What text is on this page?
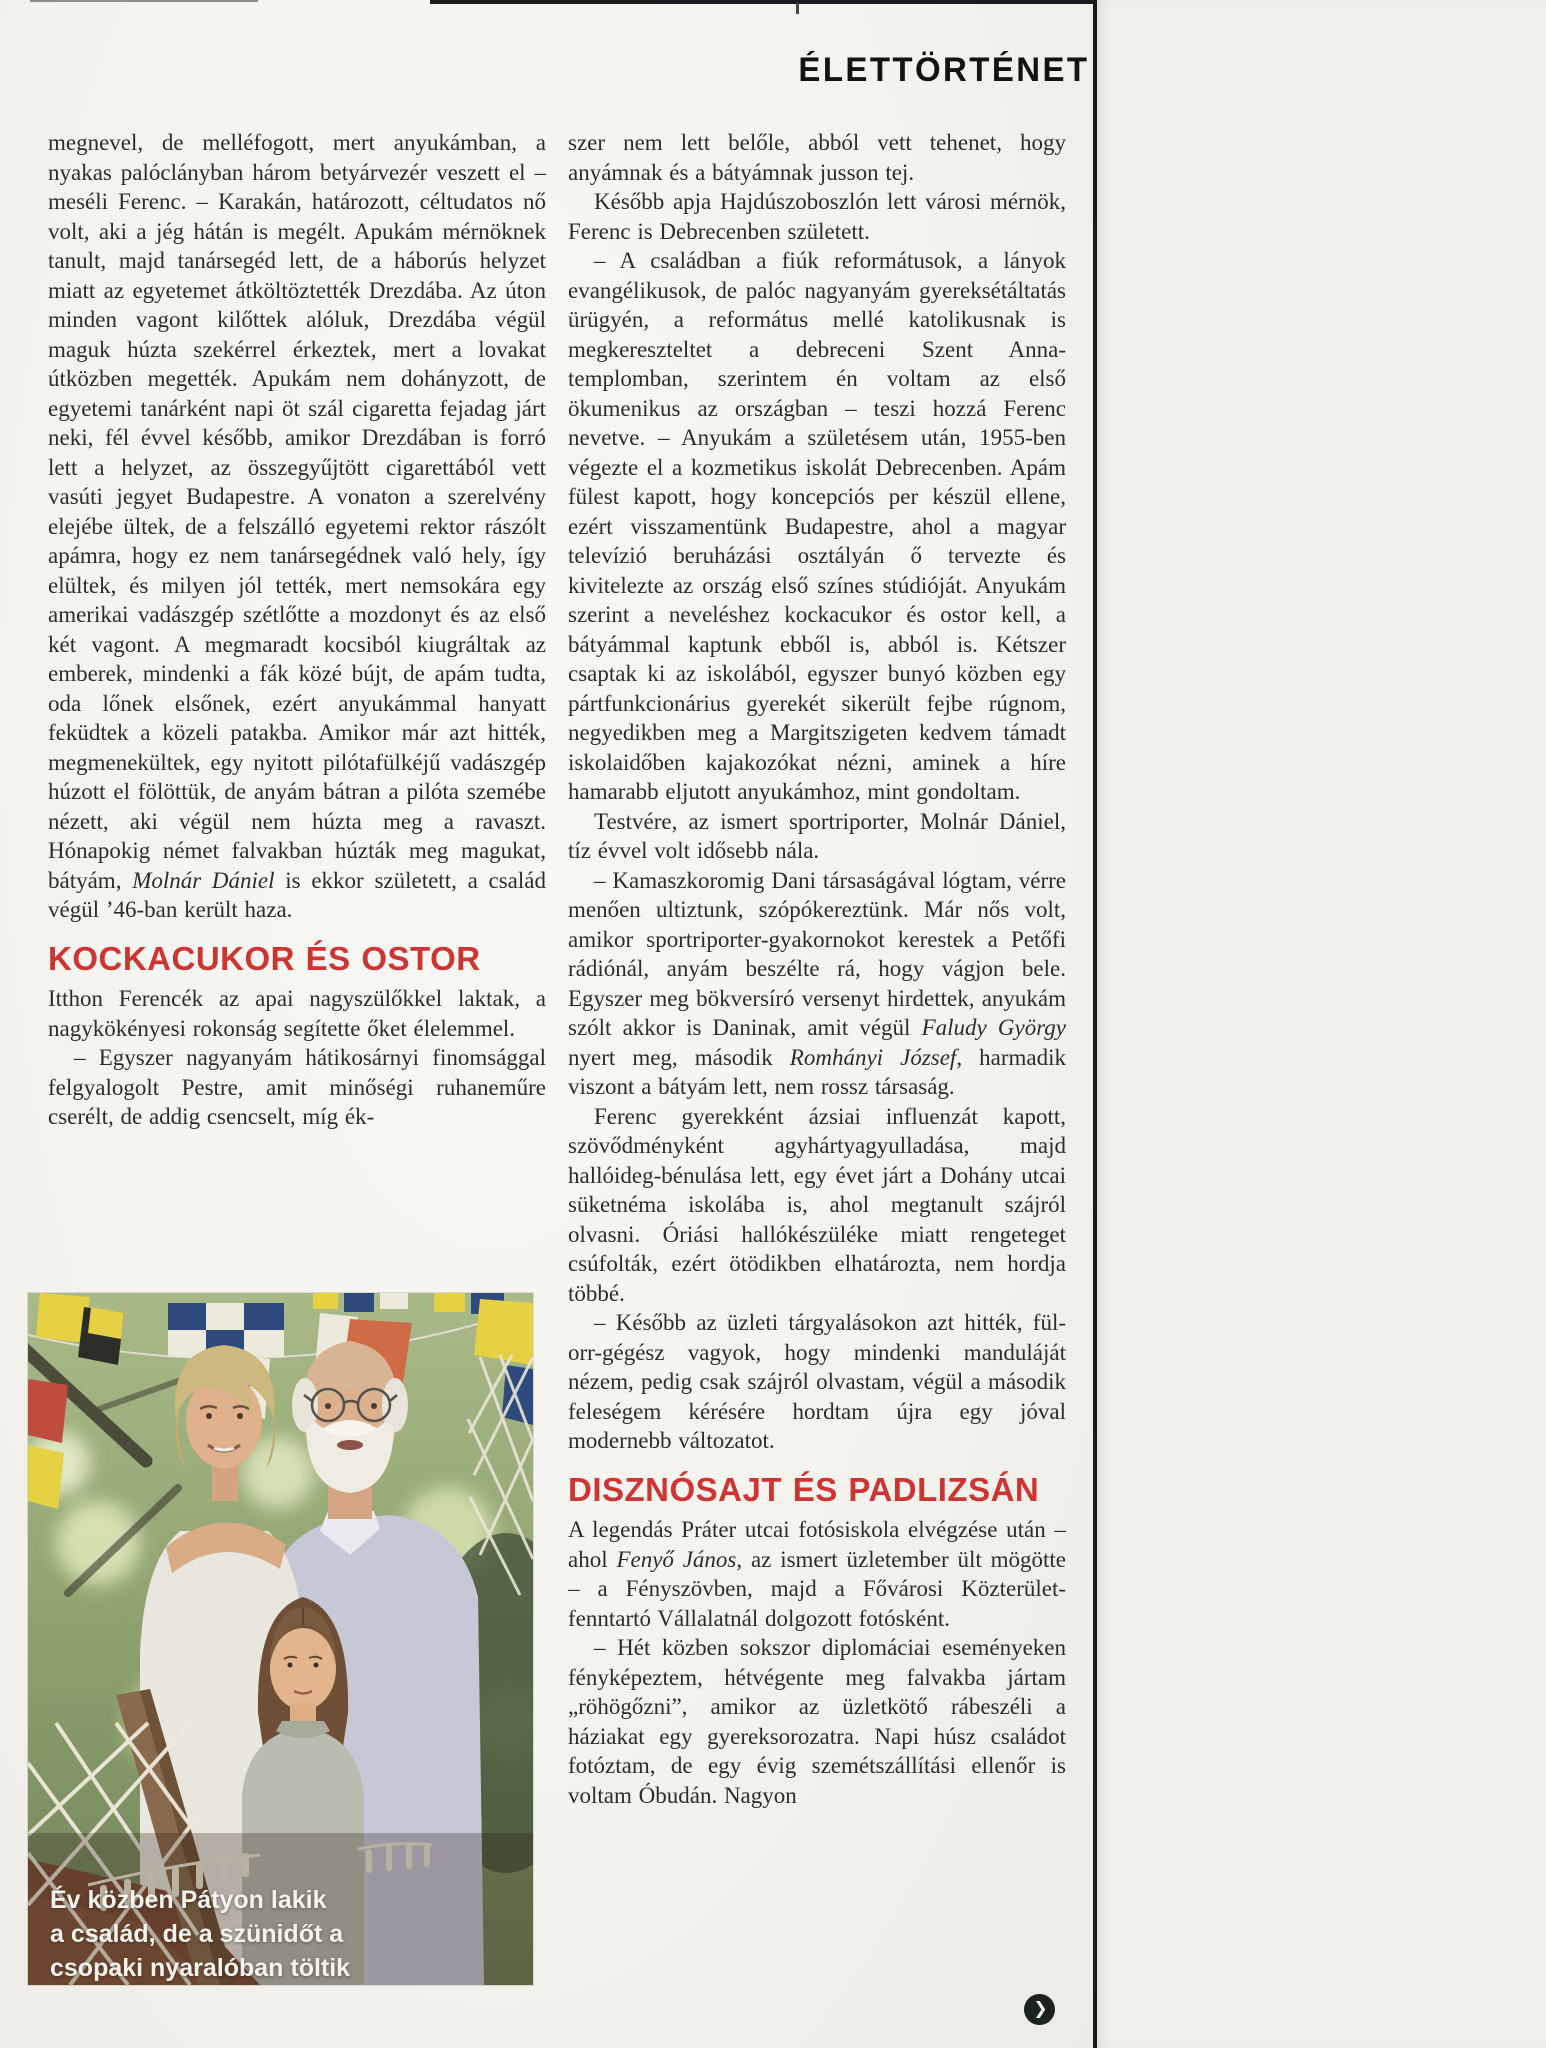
ÉLETTÖRTÉNET

megnevel, de melléfogott, mert anyukámban, a nyakas palóclányban három betyárvezér veszett el – meséli Ferenc. – Karakán, határozott, céltudatos nő volt, aki a jég hátán is megélt. Apukám mérnöknek tanult, majd tanársegéd lett, de a háborús helyzet miatt az egyetemet átköltöztették Drezdába. Az úton minden vagont kilőttek alóluk, Drezdába végül maguk húzta szekérrel érkeztek, mert a lovakat útközben megették. Apukám nem dohányzott, de egyetemi tanárként napi öt szál cigaretta fejadag járt neki, fél évvel később, amikor Drezdában is forró lett a helyzet, az összegyűjtött cigarettából vett vasúti jegyet Budapestre. A vonaton a szerelvény elejébe ültek, de a felszálló egyetemi rektor rászólt apámra, hogy ez nem tanársegédnek való hely, így elültek, és milyen jól tették, mert nemsokára egy amerikai vadászgép szétlőtte a mozdonyt és az első két vagont. A megmaradt kocsiból kiugráltak az emberek, mindenki a fák közé bújt, de apám tudta, oda lőnek elsőnek, ezért anyukámmal hanyatt feküdtek a közeli patakba. Amikor már azt hitték, megmenekültek, egy nyitott pilótafülkéjű vadászgép húzott el fölöttük, de anyám bátran a pilóta szemébe nézett, aki végül nem húzta meg a ravaszt. Hónapokig német falvakban húzták meg magukat, bátyám, Molnár Dániel is ekkor született, a család végül ’46-ban került haza.

KOCKACUKOR ÉS OSTOR

Itthon Ferencék az apai nagyszülőkkel laktak, a nagykökényesi rokonság segítette őket élelemmel.

– Egyszer nagyanyám hátikosárnyi finomsággal felgyalogolt Pestre, amit minőségi ruhaneműre cserélt, de addig csencselt, míg ék-

szer nem lett belőle, abból vett tehenet, hogy anyámnak és a bátyámnak jusson tej.

Később apja Hajdúszoboszlón lett városi mérnök, Ferenc is Debrecenben született.

– A családban a fiúk reformátusok, a lányok evangélikusok, de palóc nagyanyám gyereksétáltatás ürügyén, a református mellé katolikusnak is megkereszteltet a debreceni Szent Anna-templomban, szerintem én voltam az első ökumenikus az országban – teszi hozzá Ferenc nevetve. – Anyukám a születésem után, 1955-ben végezte el a kozmetikus iskolát Debrecenben. Apám fülest kapott, hogy koncepciós per készül ellene, ezért visszamentünk Budapestre, ahol a magyar televízió beruházási osztályán ő tervezte és kivitelezte az ország első színes stúdióját. Anyukám szerint a neveléshez kockacukor és ostor kell, a bátyámmal kaptunk ebből is, abból is. Kétszer csaptak ki az iskolából, egyszer bunyó közben egy pártfunkcionárius gyerekét sikerült fejbe rúgnom, negyedikben meg a Margitszigeten kedvem támadt iskolaidőben kajakozókat nézni, aminek a híre hamarabb eljutott anyukámhoz, mint gondoltam.

Testvére, az ismert sportriporter, Molnár Dániel, tíz évvel volt idősebb nála.

– Kamaszkoromig Dani társaságával lógtam, vérre menően ultiztunk, szópókereztünk. Már nős volt, amikor sportriporter-gyakornokot kerestek a Petőfi rádiónál, anyám beszélte rá, hogy vágjon bele. Egyszer meg bökversíró versenyt hirdettek, anyukám szólt akkor is Daninak, amit végül Faludy György nyert meg, második Romhányi József, harmadik viszont a bátyám lett, nem rossz társaság.

Ferenc gyerekként ázsiai influenzát kapott, szövődményként agyhártyagyulladása, majd hallóideg-bénulása lett, egy évet járt a Dohány utcai süketnéma iskolába is, ahol megtanult szájról olvasni. Óriási hallókészüléke miatt rengeteget csúfolták, ezért ötödikben elhatározta, nem hordja többé.

– Később az üzleti tárgyalásokon azt hitték, fül-orr-gégész vagyok, hogy mindenki manduláját nézem, pedig csak szájról olvastam, végül a második feleségem kérésére hordtam újra egy jóval modernebb változatot.

DISZNÓSAJT ÉS PADLIZSÁN

A legendás Práter utcai fotósiskola elvégzése után – ahol Fenyő János, az ismert üzletember ült mögötte – a Fényszövben, majd a Fővárosi Közterület-fenntartó Vállalatnál dolgozott fotósként.

– Hét közben sokszor diplomáciai eseményeken fényképeztem, hétvégente meg falvakba jártam „röhögőzni”, amikor az üzletkötő rábeszéli a háziakat egy gyereksorozatra. Napi húsz családot fotóztam, de egy évig szemétszállítási ellenőr is voltam Óbudán. Nagyon

Év közben Pátyon lakik
a család, de a szünidőt a
csopaki nyaralóban töltik
❯
